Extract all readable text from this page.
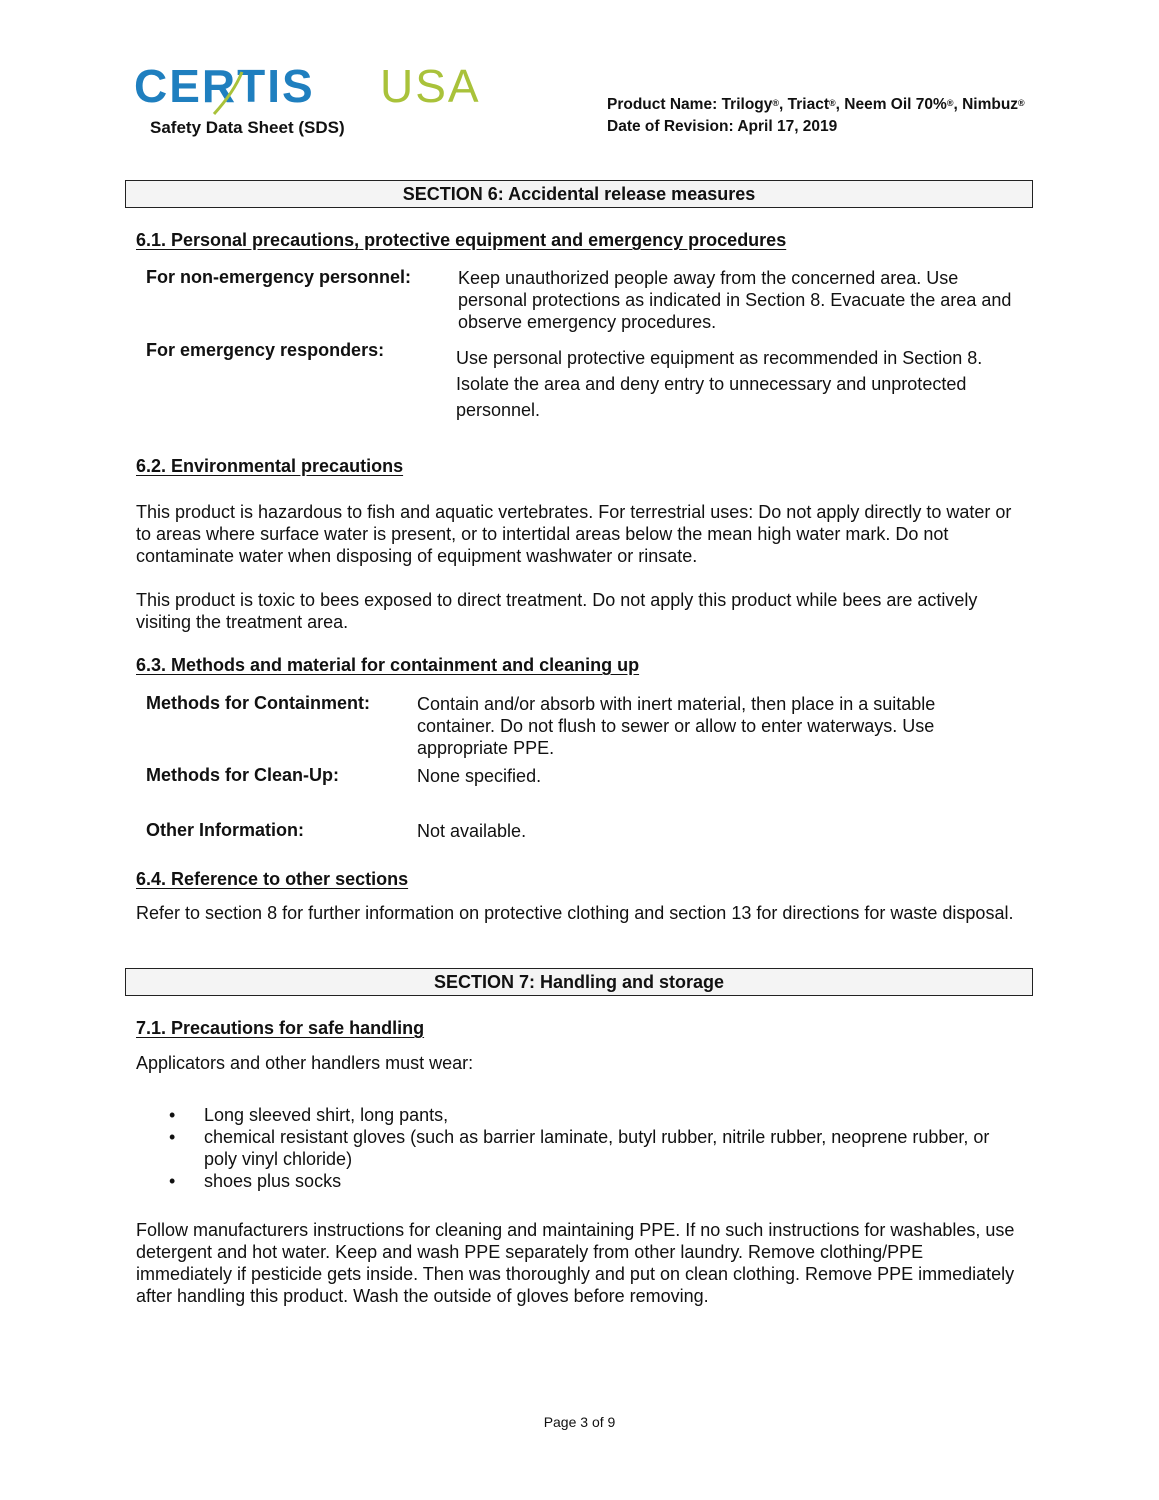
CERTIS USA
Safety Data Sheet (SDS)
Product Name: Trilogy®, Triact®, Neem Oil 70%®, Nimbuz®
Date of Revision: April 17, 2019
SECTION 6: Accidental release measures
6.1. Personal precautions, protective equipment and emergency procedures
For non-emergency personnel:	Keep unauthorized people away from the concerned area. Use personal protections as indicated in Section 8. Evacuate the area and observe emergency procedures.
For emergency responders:	Use personal protective equipment as recommended in Section 8. Isolate the area and deny entry to unnecessary and unprotected personnel.
6.2. Environmental precautions
This product is hazardous to fish and aquatic vertebrates. For terrestrial uses: Do not apply directly to water or to areas where surface water is present, or to intertidal areas below the mean high water mark. Do not contaminate water when disposing of equipment washwater or rinsate.
This product is toxic to bees exposed to direct treatment. Do not apply this product while bees are actively visiting the treatment area.
6.3. Methods and material for containment and cleaning up
Methods for Containment:	Contain and/or absorb with inert material, then place in a suitable container. Do not flush to sewer or allow to enter waterways. Use appropriate PPE.
Methods for Clean-Up:	None specified.
Other Information:	Not available.
6.4. Reference to other sections
Refer to section 8 for further information on protective clothing and section 13 for directions for waste disposal.
SECTION 7: Handling and storage
7.1. Precautions for safe handling
Applicators and other handlers must wear:
• Long sleeved shirt, long pants,
• chemical resistant gloves (such as barrier laminate, butyl rubber, nitrile rubber, neoprene rubber, or poly vinyl chloride)
• shoes plus socks
Follow manufacturers instructions for cleaning and maintaining PPE. If no such instructions for washables, use detergent and hot water. Keep and wash PPE separately from other laundry. Remove clothing/PPE immediately if pesticide gets inside. Then was thoroughly and put on clean clothing. Remove PPE immediately after handling this product. Wash the outside of gloves before removing.
Page 3 of 9
